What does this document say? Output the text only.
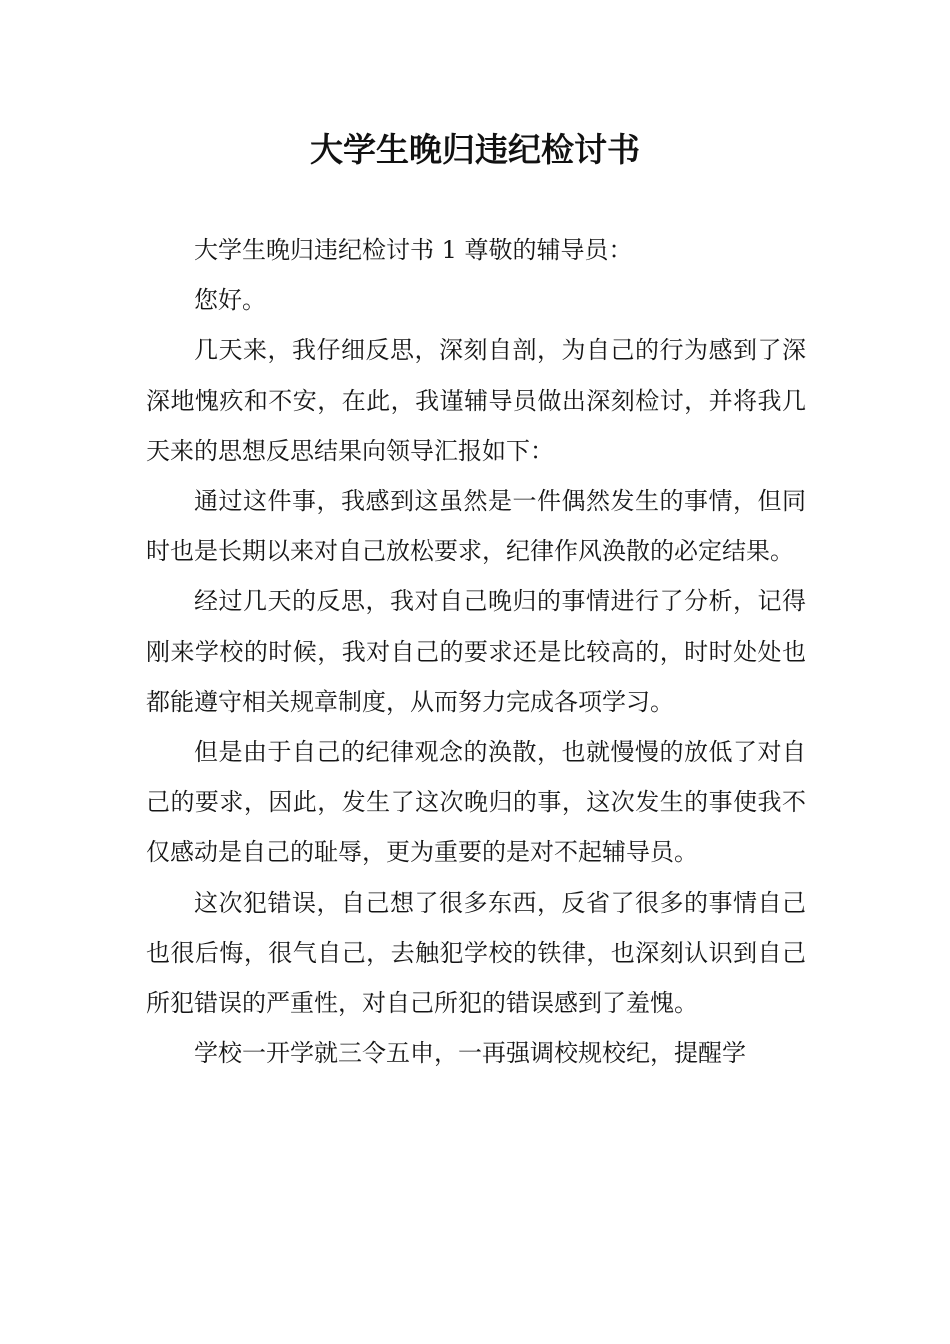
大学生晚归违纪检讨书

大学生晚归违纪检讨书 1 尊敬的辅导员：

您好。

几天来，我仔细反思，深刻自剖，为自己的行为感到了深深地愧疚和不安，在此，我谨辅导员做出深刻检讨，并将我几天来的思想反思结果向领导汇报如下：

通过这件事，我感到这虽然是一件偶然发生的事情，但同时也是长期以来对自己放松要求，纪律作风涣散的必定结果。

经过几天的反思，我对自己晚归的事情进行了分析，记得刚来学校的时候，我对自己的要求还是比较高的，时时处处也都能遵守相关规章制度，从而努力完成各项学习。

但是由于自己的纪律观念的涣散，也就慢慢的放低了对自己的要求，因此，发生了这次晚归的事，这次发生的事使我不仅感动是自己的耻辱，更为重要的是对不起辅导员。

这次犯错误，自己想了很多东西，反省了很多的事情自己也很后悔，很气自己，去触犯学校的铁律，也深刻认识到自己所犯错误的严重性，对自己所犯的错误感到了羞愧。

学校一开学就三令五申，一再强调校规校纪，提醒学
